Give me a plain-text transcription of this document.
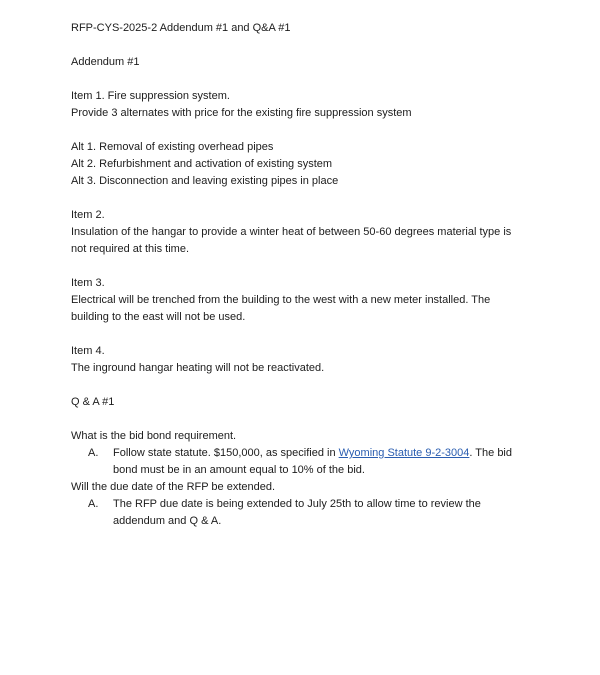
RFP-CYS-2025-2 Addendum #1 and Q&A #1

Addendum #1

Item 1. Fire suppression system.

Provide 3 alternates with price for the existing fire suppression system

Alt 1. Removal of existing overhead pipes

Alt 2. Refurbishment and activation of existing system

Alt 3. Disconnection and leaving existing pipes in place

Item 2.

Insulation of the hangar to provide a winter heat of between 50-60 degrees material type is not required at this time.

Item 3.

Electrical will be trenched from the building to the west with a new meter installed. The building to the east will not be used.

Item 4.

The inground hangar heating will not be reactivated.

Q & A #1

What is the bid bond requirement.

A.	Follow state statute. $150,000, as specified in Wyoming Statute 9-2-3004. The bid bond must be in an amount equal to 10% of the bid.

Will the due date of the RFP be extended.

A.	The RFP due date is being extended to July 25th to allow time to review the addendum and Q & A.
